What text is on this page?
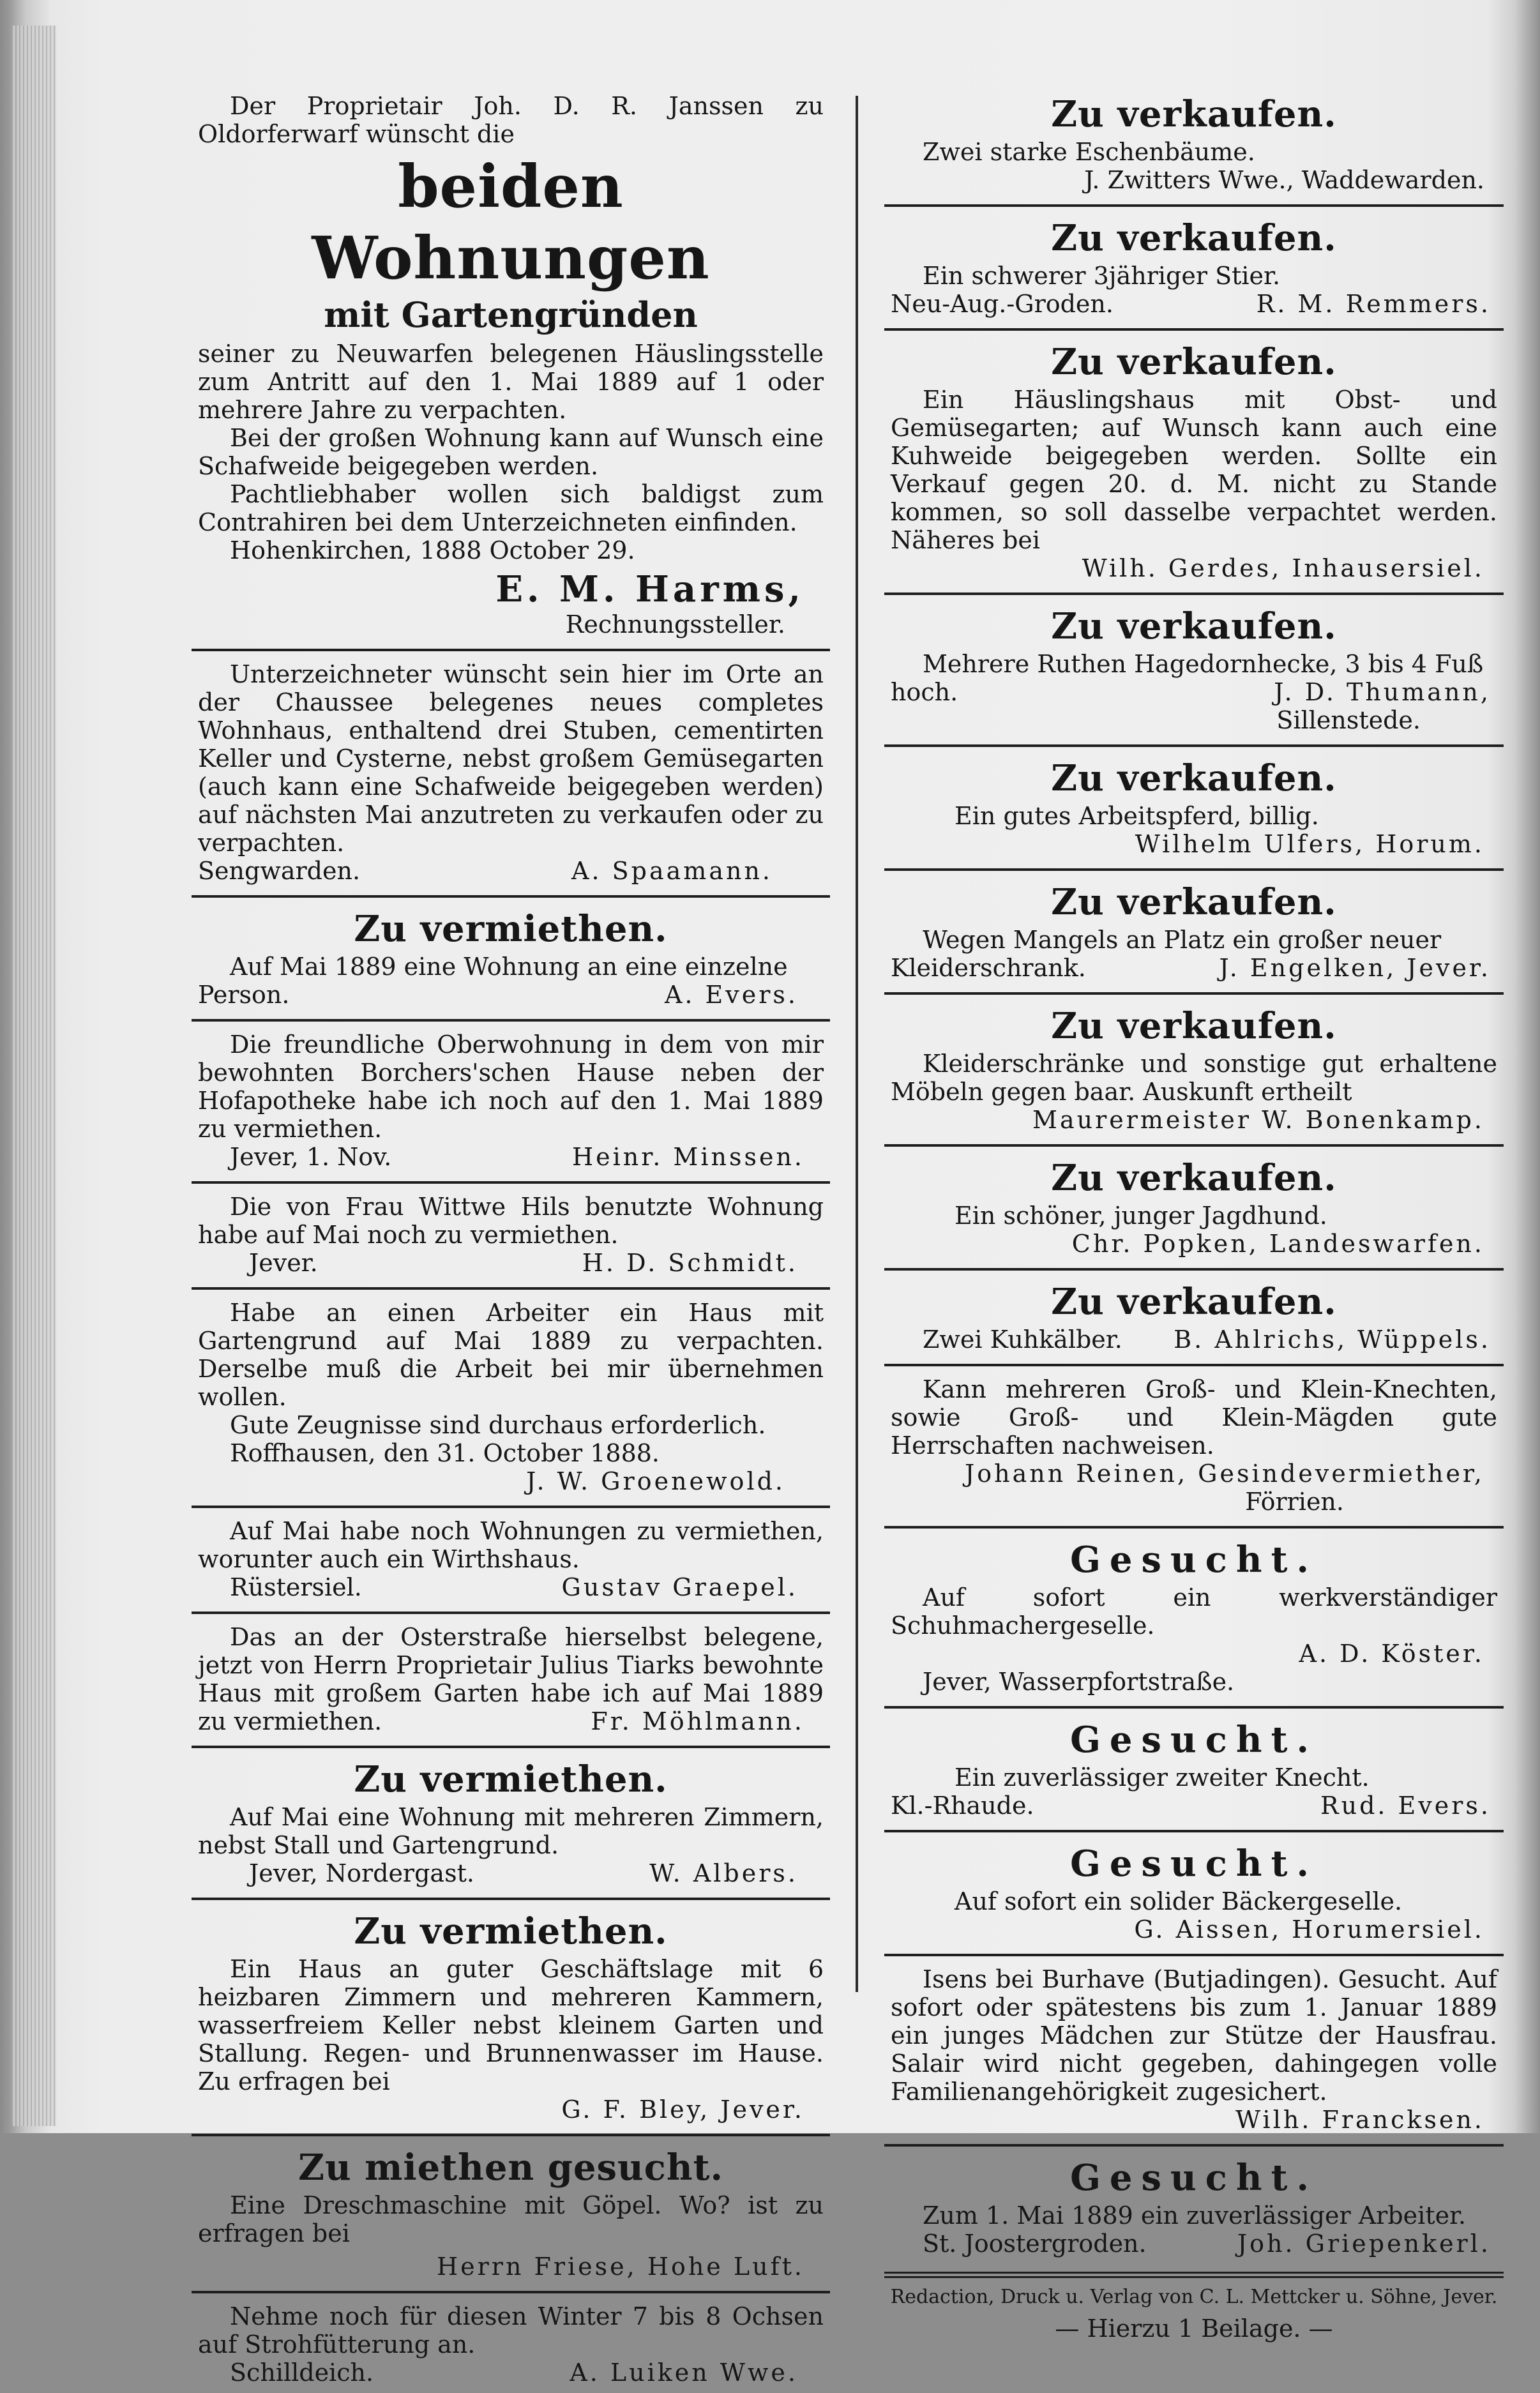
Der Proprietair Joh. D. R. Janssen zu Oldorferwarf wünscht die

beiden Wohnungen
mit Gartengründen

seiner zu Neuwarfen belegenen Häuslingsstelle zum Antritt auf den 1. Mai 1889 auf 1 oder mehrere Jahre zu verpachten.

Bei der großen Wohnung kann auf Wunsch eine Schafweide beigegeben werden.

Pachtliebhaber wollen sich baldigst zum Contrahiren bei dem Unterzeichneten einfinden.

Hohenkirchen, 1888 October 29.

E. M. Harms,

Rechnungssteller.

Unterzeichneter wünscht sein hier im Orte an der Chaussee belegenes neues completes Wohnhaus, enthaltend drei Stuben, cementirten Keller und Cysterne, nebst großem Gemüsegarten (auch kann eine Schafweide beigegeben werden) auf nächsten Mai anzutreten zu verkaufen oder zu verpachten.

Sengwarden.	A. Spaamann.
Zu vermiethen.

Auf Mai 1889 eine Wohnung an eine einzelne

Person.	A. Evers.

Die freundliche Oberwohnung in dem von mir bewohnten Borchers'schen Hause neben der Hofapotheke habe ich noch auf den 1. Mai 1889 zu vermiethen.

Jever, 1. Nov.	Heinr. Minssen.

Die von Frau Wittwe Hils benutzte Wohnung habe auf Mai noch zu vermiethen.

Jever.	H. D. Schmidt.

Habe an einen Arbeiter ein Haus mit Gartengrund auf Mai 1889 zu verpachten. Derselbe muß die Arbeit bei mir übernehmen wollen.

Gute Zeugnisse sind durchaus erforderlich.

Roffhausen, den 31. October 1888.

J. W. Groenewold.

Auf Mai habe noch Wohnungen zu vermiethen, worunter auch ein Wirthshaus.

Rüstersiel.	Gustav Graepel.

Das an der Osterstraße hierselbst belegene, jetzt von Herrn Proprietair Julius Tiarks bewohnte Haus mit großem Garten habe ich auf Mai 1889 zu vermiethen.	Fr. Möhlmann.

Zu vermiethen.

Auf Mai eine Wohnung mit mehreren Zimmern, nebst Stall und Gartengrund.

Jever, Nordergast.	W. Albers.
Zu vermiethen.

Ein Haus an guter Geschäftslage mit 6 heizbaren Zimmern und mehreren Kammern, wasserfreiem Keller nebst kleinem Garten und Stallung. Regen- und Brunnenwasser im Hause. Zu erfragen bei

G. F. Bley, Jever.

Zu miethen gesucht.

Eine Dreschmaschine mit Göpel. Wo? ist zu erfragen bei

Herrn Friese, Hohe Luft.

Nehme noch für diesen Winter 7 bis 8 Ochsen auf Strohfütterung an.

Schilldeich.	A. Luiken Wwe.
Zu verkaufen.

Zwei starke Eschenbäume.

J. Zwitters Wwe., Waddewarden.

Zu verkaufen.

Ein schwerer 3jähriger Stier.

Neu-Aug.-Groden.	R. M. Remmers.
Zu verkaufen.

Ein Häuslingshaus mit Obst- und Gemüsegarten; auf Wunsch kann auch eine Kuhweide beigegeben werden. Sollte ein Verkauf gegen 20. d. M. nicht zu Stande kommen, so soll dasselbe verpachtet werden. Näheres bei

Wilh. Gerdes, Inhausersiel.

Zu verkaufen.

Mehrere Ruthen Hagedornhecke, 3 bis 4 Fuß

hoch.	J. D. Thumann,

Sillenstede.

Zu verkaufen.

Ein gutes Arbeitspferd, billig.

Wilhelm Ulfers, Horum.

Zu verkaufen.

Wegen Mangels an Platz ein großer neuer

Kleiderschrank.	J. Engelken, Jever.
Zu verkaufen.

Kleiderschränke und sonstige gut erhaltene Möbeln gegen baar. Auskunft ertheilt

Maurermeister W. Bonenkamp.

Zu verkaufen.

Ein schöner, junger Jagdhund.

Chr. Popken, Landeswarfen.

Zu verkaufen.
Zwei Kuhkälber. B. Ahlrichs, Wüppels.

Kann mehreren Groß- und Klein-Knechten, sowie Groß- und Klein-Mägden gute Herrschaften nachweisen.

Johann Reinen, Gesindevermiether,

Förrien.

Gesucht.

Auf sofort ein werkverständiger Schuhmachergeselle.

A. D. Köster.

Jever, Wasserpfortstraße.

Gesucht.

Ein zuverlässiger zweiter Knecht.

Kl.-Rhaude.	Rud. Evers.
Gesucht.

Auf sofort ein solider Bäckergeselle.

G. Aissen, Horumersiel.

Isens bei Burhave (Butjadingen). Gesucht. Auf sofort oder spätestens bis zum 1. Januar 1889 ein junges Mädchen zur Stütze der Hausfrau. Salair wird nicht gegeben, dahingegen volle Familienangehörigkeit zugesichert.

Wilh. Francksen.

Gesucht.

Zum 1. Mai 1889 ein zuverlässiger Arbeiter.

St. Joostergroden.	Joh. Griepenkerl.

Redaction, Druck u. Verlag von C. L. Mettcker u. Söhne, Jever.

— Hierzu 1 Beilage. —
